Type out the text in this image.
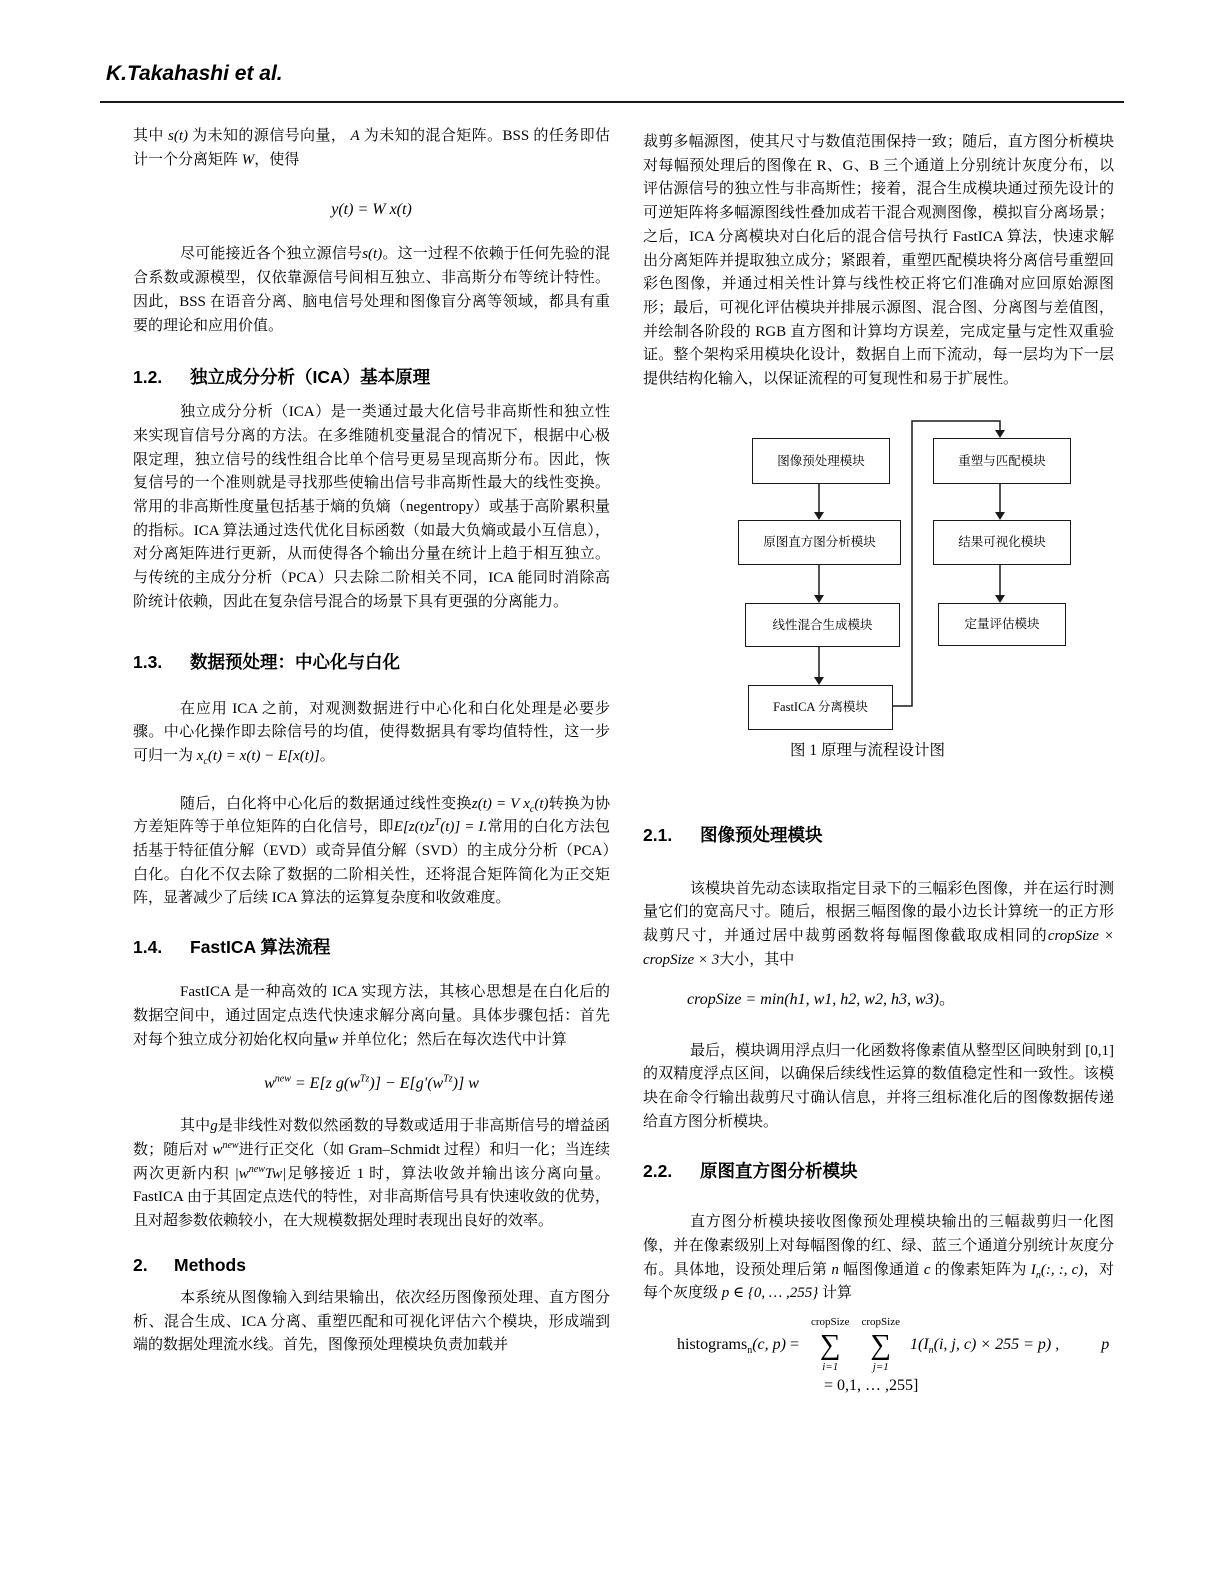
K.Takahashi et al.

其中 s(t) 为未知的源信号向量， A 为未知的混合矩阵。BSS 的任务即估计一个分离矩阵 W，使得

y(t) = W x(t)

尽可能接近各个独立源信号s(t)。这一过程不依赖于任何先验的混合系数或源模型，仅依靠源信号间相互独立、非高斯分布等统计特性。因此，BSS 在语音分离、脑电信号处理和图像盲分离等领域，都具有重要的理论和应用价值。

1.2.	独立成分分析（ICA）基本原理

独立成分分析（ICA）是一类通过最大化信号非高斯性和独立性来实现盲信号分离的方法。在多维随机变量混合的情况下，根据中心极限定理，独立信号的线性组合比单个信号更易呈现高斯分布。因此，恢复信号的一个准则就是寻找那些使输出信号非高斯性最大的线性变换。常用的非高斯性度量包括基于熵的负熵（negentropy）或基于高阶累积量的指标。ICA 算法通过迭代优化目标函数（如最大负熵或最小互信息），对分离矩阵进行更新，从而使得各个输出分量在统计上趋于相互独立。与传统的主成分分析（PCA）只去除二阶相关不同，ICA 能同时消除高阶统计依赖，因此在复杂信号混合的场景下具有更强的分离能力。

1.3.	数据预处理：中心化与白化

在应用 ICA 之前，对观测数据进行中心化和白化处理是必要步骤。中心化操作即去除信号的均值，使得数据具有零均值特性，这一步可归一为 $x_c(t) = x(t) - E[x(t)]$。

随后，白化将中心化后的数据通过线性变换z(t) = V $x_c(t)$转换为协方差矩阵等于单位矩阵的白化信号，即$E[z(t)z^T(t)] = I$.常用的白化方法包括基于特征值分解（EVD）或奇异值分解（SVD）的主成分分析（PCA）白化。白化不仅去除了数据的二阶相关性，还将混合矩阵简化为正交矩阵，显著减少了后续 ICA 算法的运算复杂度和收敛难度。

1.4.	FastICA 算法流程

FastICA 是一种高效的 ICA 实现方法，其核心思想是在白化后的数据空间中，通过固定点迭代快速求解分离向量。具体步骤包括：首先对每个独立成分初始化权向量w 并单位化；然后在每次迭代中计算

$w^{new} = E[z$ $g(w^{Tz})] - E[g'(w^{Tz})]$ w

其中g是非线性对数似然函数的导数或适用于非高斯信号的增益函数；随后对 $w^{new}$进行正交化（如 Gram–Schmidt 过程）和归一化；当连续两次更新内积 $|w^{new}Tw|$足够接近 1 时，算法收敛并输出该分离向量。FastICA 由于其固定点迭代的特性，对非高斯信号具有快速收敛的优势，且对超参数依赖较小，在大规模数据处理时表现出良好的效率。

2.	Methods

本系统从图像输入到结果输出，依次经历图像预处理、直方图分析、混合生成、ICA 分离、重塑匹配和可视化评估六个模块，形成端到端的数据处理流水线。首先，图像预处理模块负责加载并

裁剪多幅源图，使其尺寸与数值范围保持一致；随后，直方图分析模块对每幅预处理后的图像在 R、G、B 三个通道上分别统计灰度分布，以评估源信号的独立性与非高斯性；接着，混合生成模块通过预先设计的可逆矩阵将多幅源图线性叠加成若干混合观测图像，模拟盲分离场景；之后，ICA 分离模块对白化后的混合信号执行 FastICA 算法，快速求解出分离矩阵并提取独立成分；紧跟着，重塑匹配模块将分离信号重塑回彩色图像，并通过相关性计算与线性校正将它们准确对应回原始源图形；最后，可视化评估模块并排展示源图、混合图、分离图与差值图，并绘制各阶段的 RGB 直方图和计算均方误差，完成定量与定性双重验证。整个架构采用模块化设计，数据自上而下流动，每一层均为下一层提供结构化输入，以保证流程的可复现性和易于扩展性。

图像预处理模块
原图直方图分析模块
线性混合生成模块
FastICA 分离模块
重塑与匹配模块
结果可视化模块
定量评估模块
图 1 原理与流程设计图
2.1.	图像预处理模块

该模块首先动态读取指定目录下的三幅彩色图像，并在运行时测量它们的宽高尺寸。随后，根据三幅图像的最小边长计算统一的正方形裁剪尺寸，并通过居中裁剪函数将每幅图像截取成相同的cropSize × cropSize × 3大小，其中

cropSize = min(h1, w1, h2, w2, h3, w3)。

最后，模块调用浮点归一化函数将像素值从整型区间映射到 [0,1] 的双精度浮点区间，以确保后续线性运算的数值稳定性和一致性。该模块在命令行输出裁剪尺寸确认信息，并将三组标准化后的图像数据传递给直方图分析模块。

2.2.	原图直方图分析模块

直方图分析模块接收图像预处理模块输出的三幅裁剪归一化图像，并在像素级别上对每幅图像的红、绿、蓝三个通道分别统计灰度分布。具体地，设预处理后第 n 幅图像通道 c 的像素矩阵为 $I_n$(:, :, c)，对每个灰度级 p ∈ {0, … ,255} 计算

histograms$_n$(c, p) =
cropSize
∑
i=1
cropSize
∑
j=1
$1(I_n(i$, j, c) × 255 = p) ,	p
= 0,1, … ,255]
